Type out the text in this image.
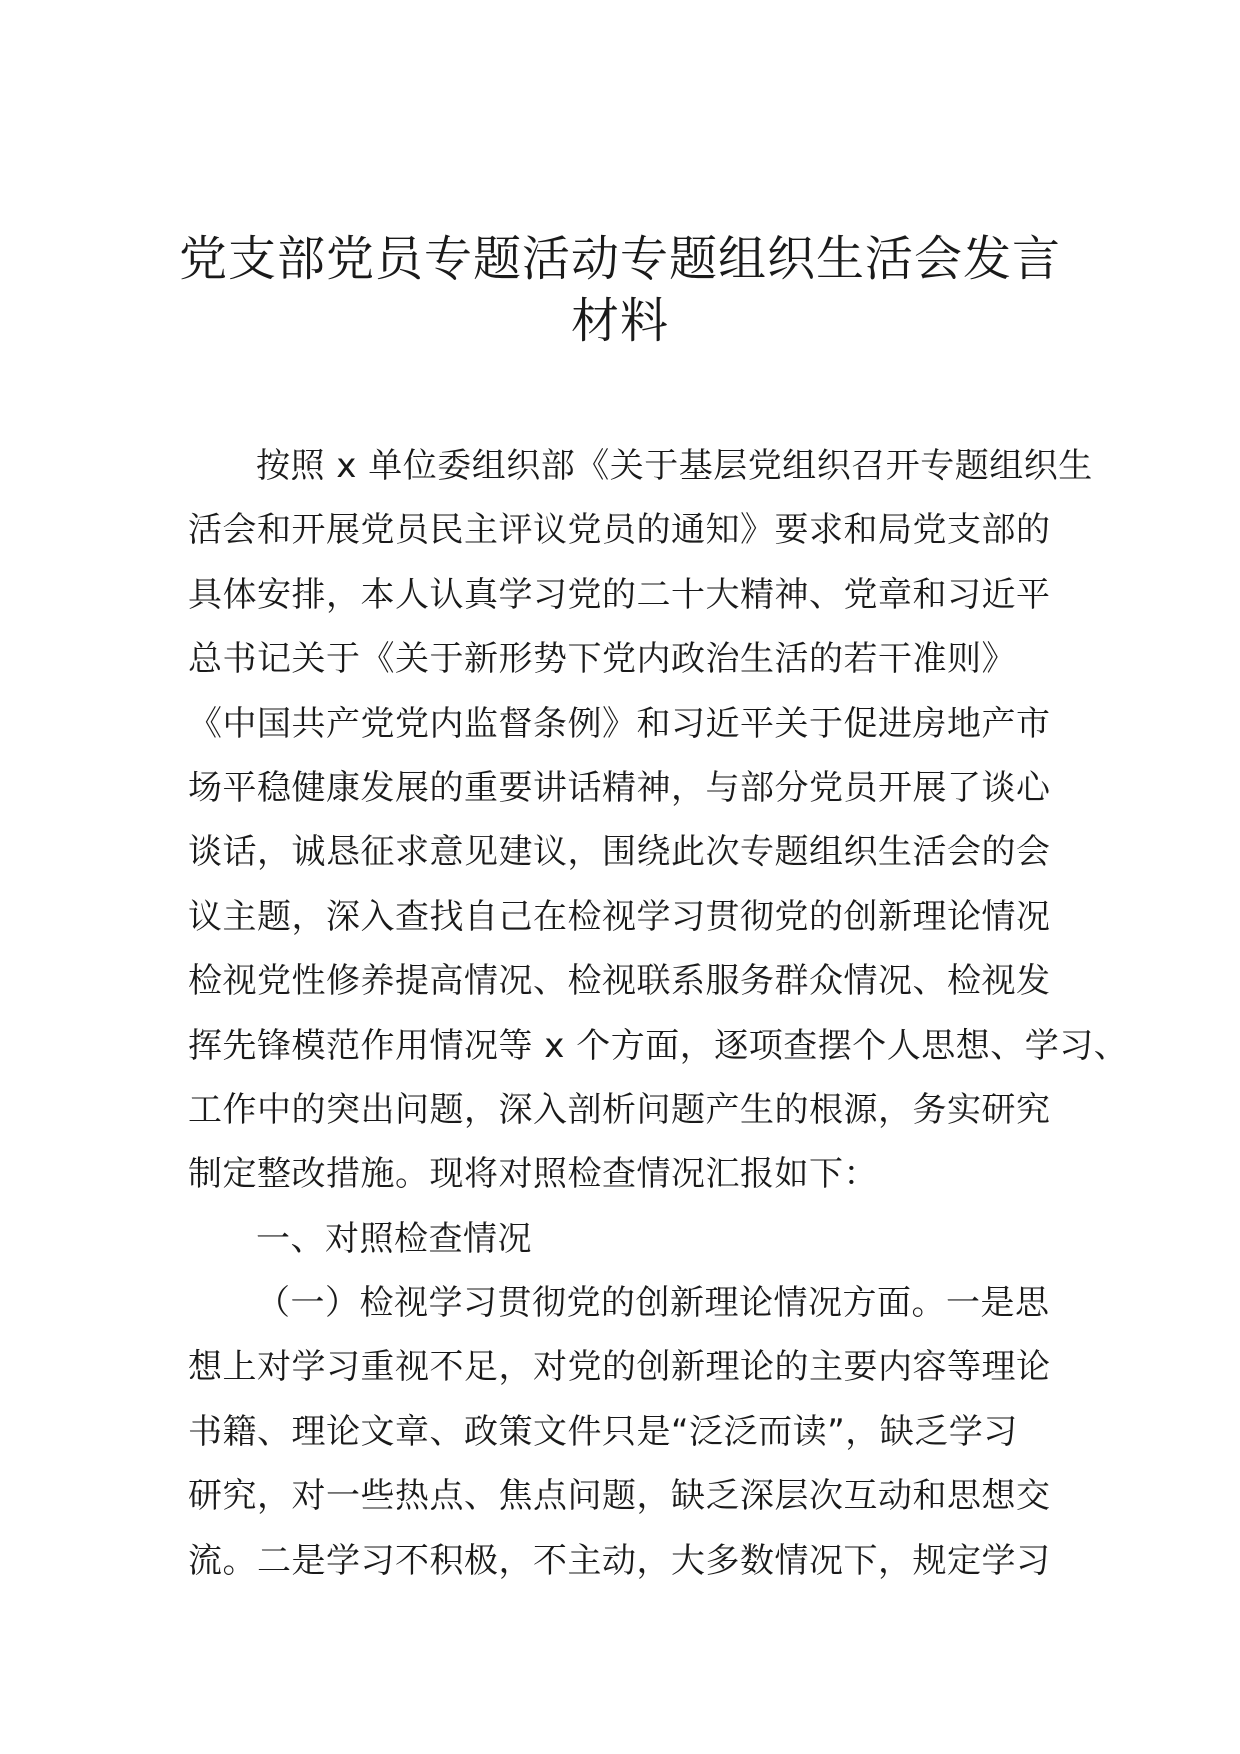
党支部党员专题活动专题组织生活会发言
材料
按照 x 单位委组织部《关于基层党组织召开专题组织生
活会和开展党员民主评议党员的通知》要求和局党支部的
具体安排，本人认真学习党的二十大精神、党章和习近平
总书记关于《关于新形势下党内政治生活的若干准则》
《中国共产党党内监督条例》和习近平关于促进房地产市
场平稳健康发展的重要讲话精神，与部分党员开展了谈心
谈话，诚恳征求意见建议，围绕此次专题组织生活会的会
议主题，深入查找自己在检视学习贯彻党的创新理论情况
检视党性修养提高情况、检视联系服务群众情况、检视发
挥先锋模范作用情况等 x 个方面，逐项查摆个人思想、学习、
工作中的突出问题，深入剖析问题产生的根源，务实研究
制定整改措施。现将对照检查情况汇报如下：
一、对照检查情况
（一）检视学习贯彻党的创新理论情况方面。一是思
想上对学习重视不足，对党的创新理论的主要内容等理论
书籍、理论文章、政策文件只是“泛泛而读”，缺乏学习
研究，对一些热点、焦点问题，缺乏深层次互动和思想交
流。二是学习不积极，不主动，大多数情况下，规定学习
